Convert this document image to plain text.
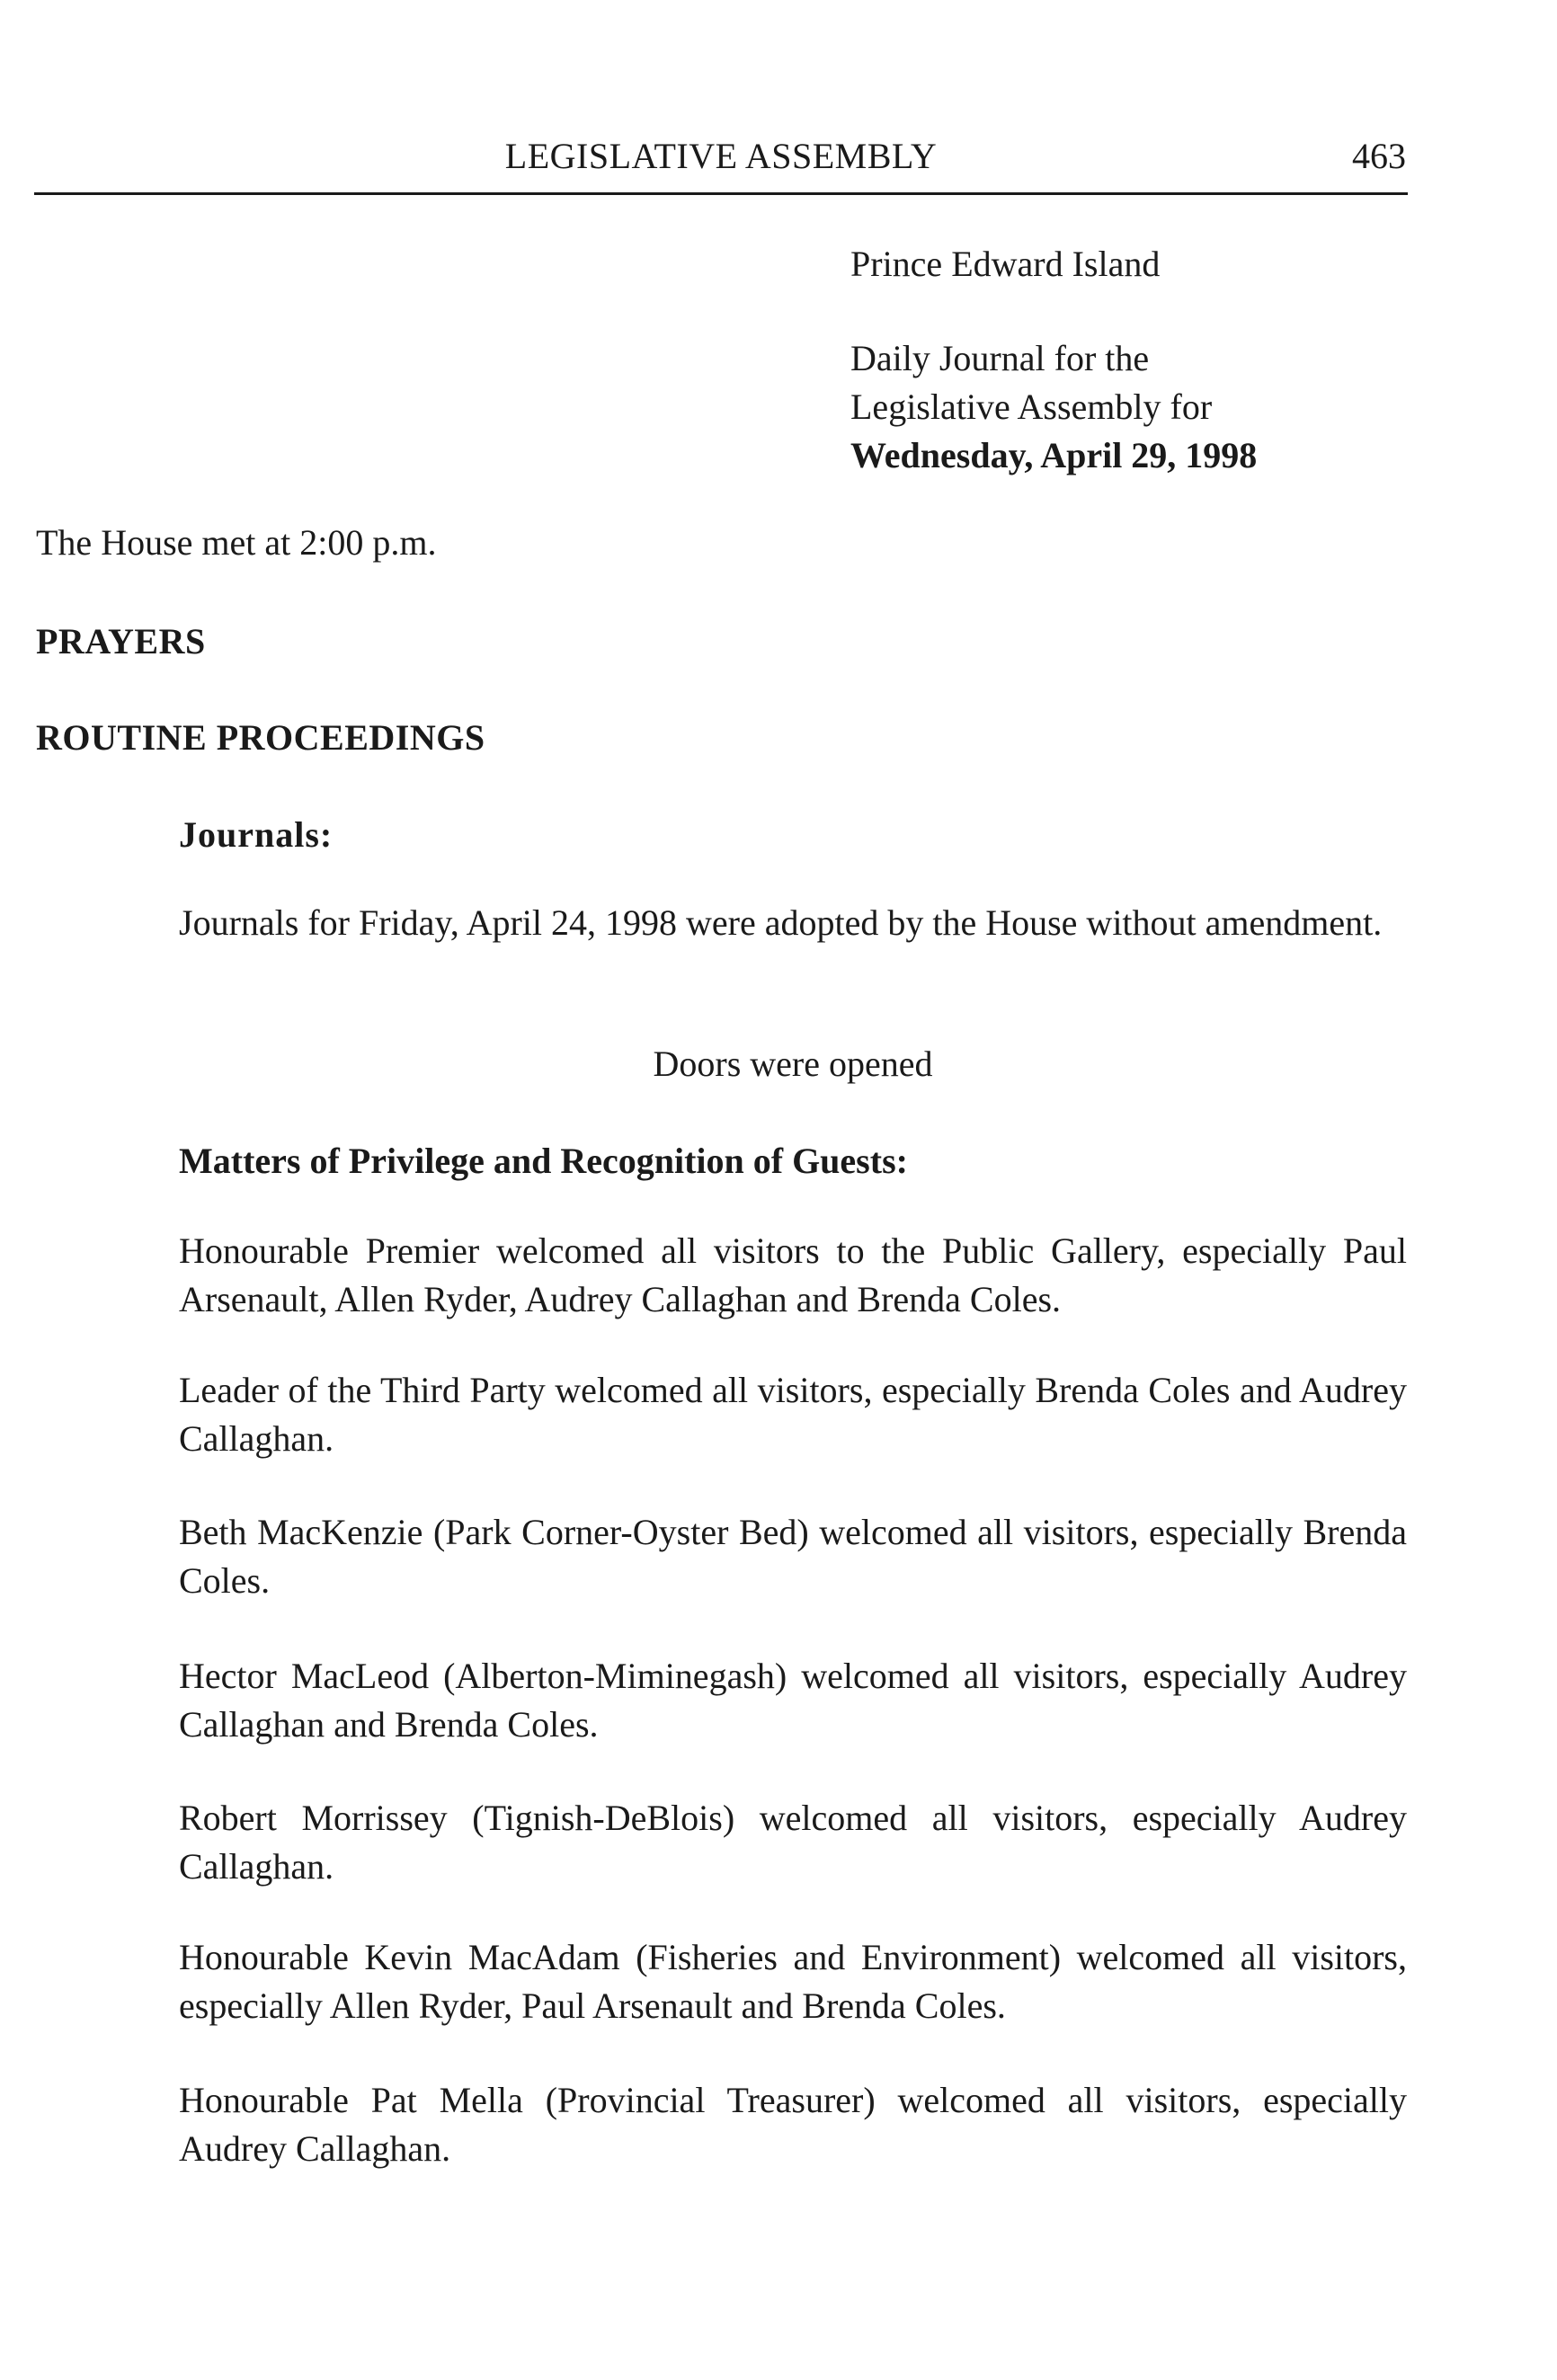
LEGISLATIVE ASSEMBLY	463
Prince Edward Island
Daily Journal for the
Legislative Assembly for
Wednesday, April 29, 1998

The House met at 2:00 p.m.

PRAYERS

ROUTINE PROCEEDINGS

Journals:

Journals for Friday, April 24, 1998 were adopted by the House without amendment.

Doors were opened

Matters of Privilege and Recognition of Guests:

Honourable Premier welcomed all visitors to the Public Gallery, especially Paul Arsenault, Allen Ryder, Audrey Callaghan and Brenda Coles.

Leader of the Third Party welcomed all visitors, especially Brenda Coles and Audrey Callaghan.

Beth MacKenzie (Park Corner-Oyster Bed) welcomed all visitors, especially Brenda Coles.

Hector MacLeod (Alberton-Miminegash) welcomed all visitors, especially Audrey Callaghan and Brenda Coles.

Robert Morrissey (Tignish-DeBlois) welcomed all visitors, especially Audrey Callaghan.

Honourable Kevin MacAdam (Fisheries and Environment) welcomed all visitors, especially Allen Ryder, Paul Arsenault and Brenda Coles.

Honourable Pat Mella (Provincial Treasurer) welcomed all visitors, especially Audrey Callaghan.
